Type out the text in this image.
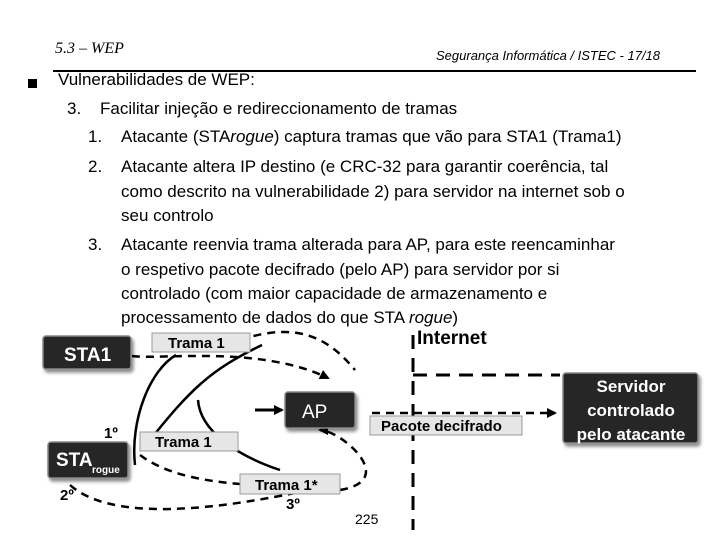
5.3 – WEP	Segurança Informática / ISTEC - 17/18
Vulnerabilidades de WEP:
3. Facilitar injeção e redireccionamento de tramas
1. Atacante (STArogue) captura tramas que vão para STA1 (Trama1)
2. Atacante altera IP destino (e CRC-32 para garantir coerência, tal
como descrito na vulnerabilidade 2) para servidor na internet sob o
seu controlo
3. Atacante reenvia trama alterada para AP, para este reencaminhar
o respetivo pacote decifrado (pelo AP) para servidor por si
controlado (com maior capacidade de armazenamento e
processamento de dados do que STA rogue)
STA1
AP
STA rogue
Servidor
controlado
pelo atacante
Trama 1
Trama 1
Trama 1*
Pacote decifrado
Internet
1º
2º
3º
225
